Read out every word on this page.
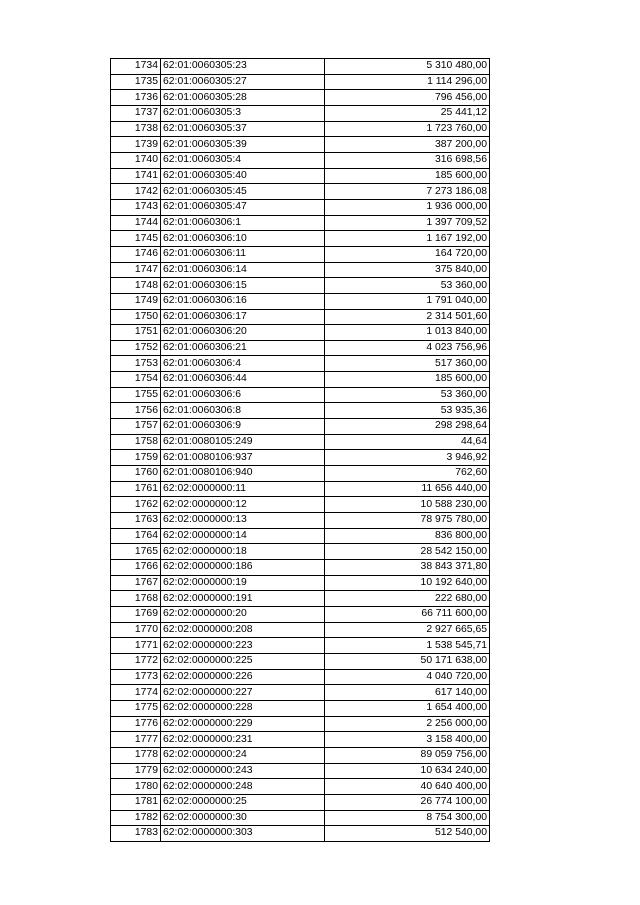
1734	62:01:0060305:23	5 310 480,00
1735	62:01:0060305:27	1 114 296,00
1736	62:01:0060305:28	796 456,00
1737	62:01:0060305:3	25 441,12
1738	62:01:0060305:37	1 723 760,00
1739	62:01:0060305:39	387 200,00
1740	62:01:0060305:4	316 698,56
1741	62:01:0060305:40	185 600,00
1742	62:01:0060305:45	7 273 186,08
1743	62:01:0060305:47	1 936 000,00
1744	62:01:0060306:1	1 397 709,52
1745	62:01:0060306:10	1 167 192,00
1746	62:01:0060306:11	164 720,00
1747	62:01:0060306:14	375 840,00
1748	62:01:0060306:15	53 360,00
1749	62:01:0060306:16	1 791 040,00
1750	62:01:0060306:17	2 314 501,60
1751	62:01:0060306:20	1 013 840,00
1752	62:01:0060306:21	4 023 756,96
1753	62:01:0060306:4	517 360,00
1754	62:01:0060306:44	185 600,00
1755	62:01:0060306:6	53 360,00
1756	62:01:0060306:8	53 935,36
1757	62:01:0060306:9	298 298,64
1758	62:01:0080105:249	44,64
1759	62:01:0080106:937	3 946,92
1760	62:01:0080106:940	762,60
1761	62:02:0000000:11	11 656 440,00
1762	62:02:0000000:12	10 588 230,00
1763	62:02:0000000:13	78 975 780,00
1764	62:02:0000000:14	836 800,00
1765	62:02:0000000:18	28 542 150,00
1766	62:02:0000000:186	38 843 371,80
1767	62:02:0000000:19	10 192 640,00
1768	62:02:0000000:191	222 680,00
1769	62:02:0000000:20	66 711 600,00
1770	62:02:0000000:208	2 927 665,65
1771	62:02:0000000:223	1 538 545,71
1772	62:02:0000000:225	50 171 638,00
1773	62:02:0000000:226	4 040 720,00
1774	62:02:0000000:227	617 140,00
1775	62:02:0000000:228	1 654 400,00
1776	62:02:0000000:229	2 256 000,00
1777	62:02:0000000:231	3 158 400,00
1778	62:02:0000000:24	89 059 756,00
1779	62:02:0000000:243	10 634 240,00
1780	62:02:0000000:248	40 640 400,00
1781	62:02:0000000:25	26 774 100,00
1782	62:02:0000000:30	8 754 300,00
1783	62:02:0000000:303	512 540,00
